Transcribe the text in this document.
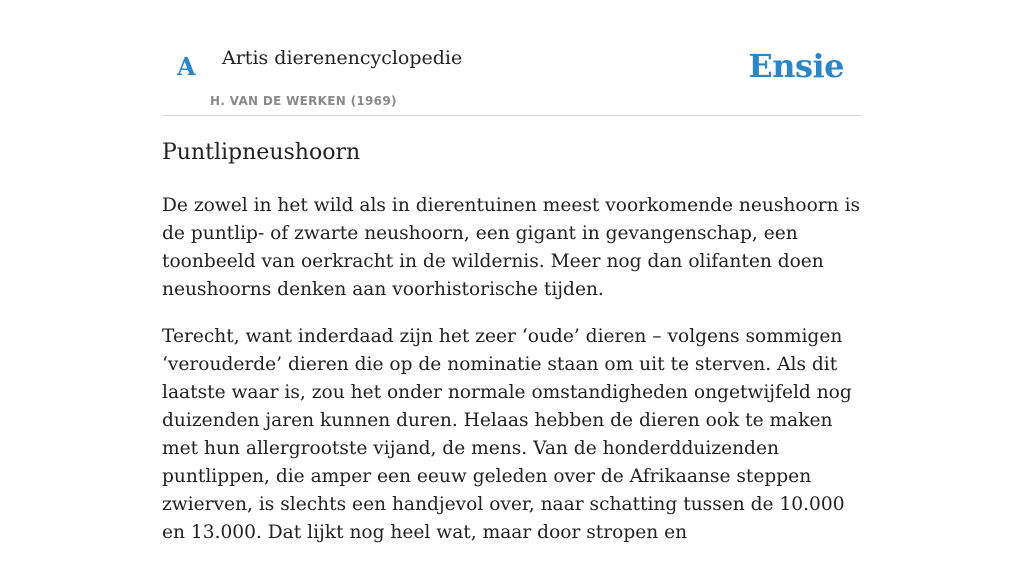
A Artis dierenencyclopedie
H. VAN DE WERKEN (1969)
Ensie
Puntlipneushoorn

De zowel in het wild als in dierentuinen meest voorkomende neushoorn is de puntlip- of zwarte neushoorn, een gigant in gevangenschap, een toonbeeld van oerkracht in de wildernis. Meer nog dan olifanten doen neushoorns denken aan voorhistorische tijden.

Terecht, want inderdaad zijn het zeer ‘oude’ dieren – volgens sommigen ‘verouderde’ dieren die op de nominatie staan om uit te sterven. Als dit laatste waar is, zou het onder normale omstandigheden ongetwijfeld nog duizenden jaren kunnen duren. Helaas hebben de dieren ook te maken met hun allergrootste vijand, de mens. Van de honderdduizenden puntlippen, die amper een eeuw geleden over de Afrikaanse steppen zwierven, is slechts een handjevol over, naar schatting tussen de 10.000 en 13.000. Dat lijkt nog heel wat, maar door stropen en
